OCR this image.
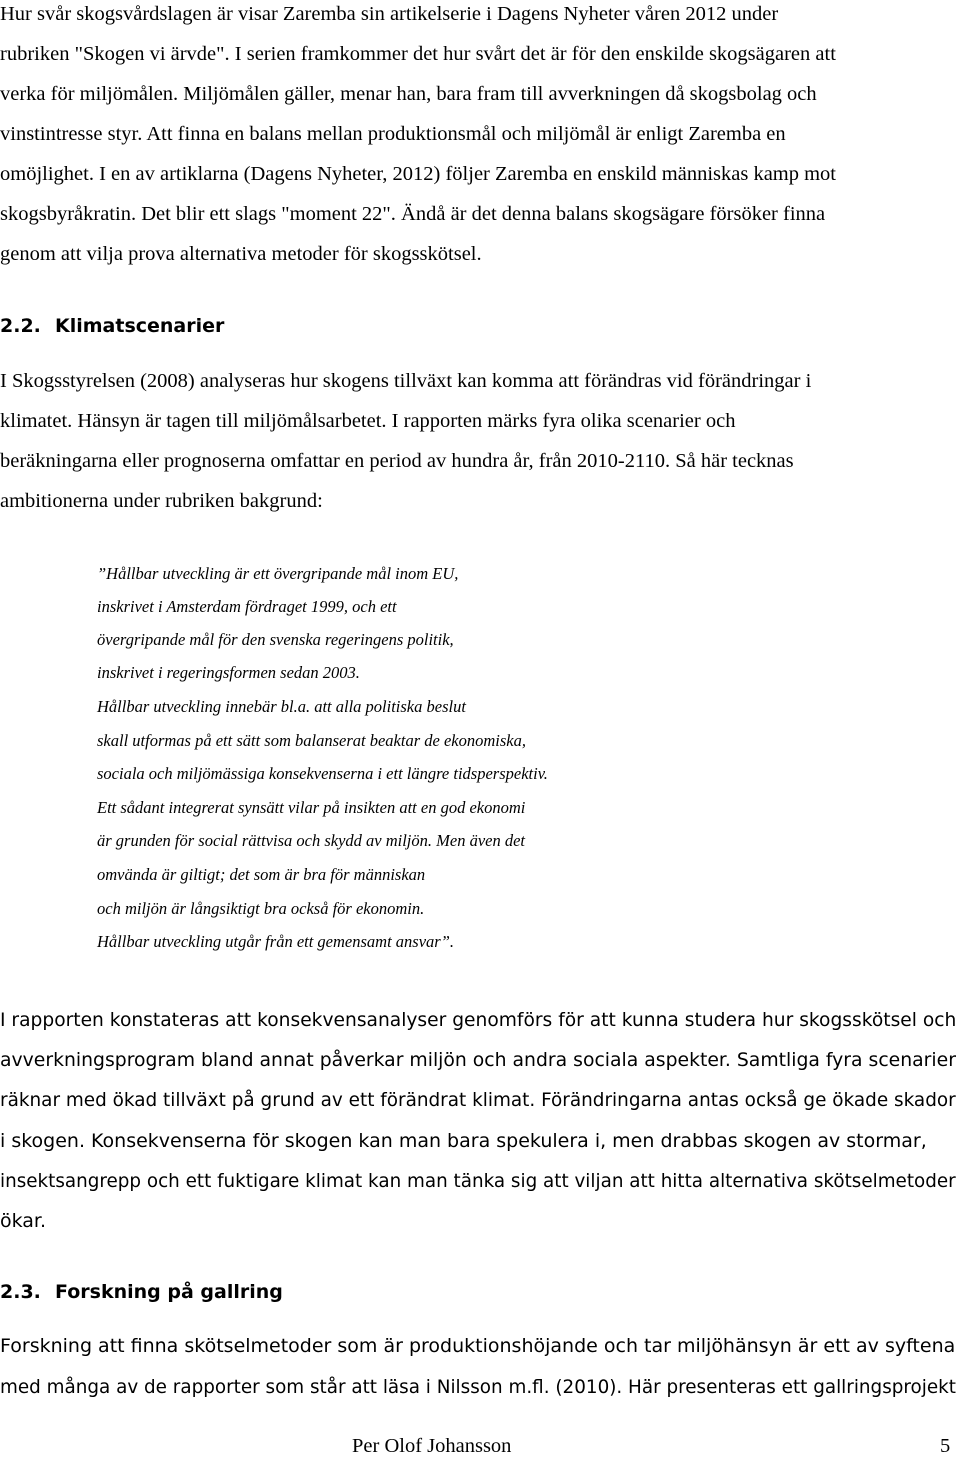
Hur svår skogsvårdslagen är visar Zaremba sin artikelserie i Dagens Nyheter våren 2012 under
rubriken "Skogen vi ärvde". I serien framkommer det hur svårt det är för den enskilde skogsägaren att
verka för miljömålen. Miljömålen gäller, menar han, bara fram till avverkningen då skogsbolag och
vinstintresse styr. Att finna en balans mellan produktionsmål och miljömål är enligt Zaremba en
omöjlighet. I en av artiklarna (Dagens Nyheter, 2012) följer Zaremba en enskild människas kamp mot
skogsbyråkratin. Det blir ett slags "moment 22". Ändå är det denna balans skogsägare försöker finna
genom att vilja prova alternativa metoder för skogsskötsel.
2.2. Klimatscenarier
I Skogsstyrelsen (2008) analyseras hur skogens tillväxt kan komma att förändras vid förändringar i
klimatet. Hänsyn är tagen till miljömålsarbetet. I rapporten märks fyra olika scenarier och
beräkningarna eller prognoserna omfattar en period av hundra år, från 2010-2110. Så här tecknas
ambitionerna under rubriken bakgrund:
”Hållbar utveckling är ett övergripande mål inom EU,
inskrivet i Amsterdam fördraget 1999, och ett
övergripande mål för den svenska regeringens politik,
inskrivet i regeringsformen sedan 2003.
Hållbar utveckling innebär bl.a. att alla politiska beslut
skall utformas på ett sätt som balanserat beaktar de ekonomiska,
sociala och miljömässiga konsekvenserna i ett längre tidsperspektiv.
Ett sådant integrerat synsätt vilar på insikten att en god ekonomi
är grunden för social rättvisa och skydd av miljön. Men även det
omvända är giltigt; det som är bra för människan
och miljön är långsiktigt bra också för ekonomin.
Hållbar utveckling utgår från ett gemensamt ansvar”.
I rapporten konstateras att konsekvensanalyser genomförs för att kunna studera hur skogsskötsel och
avverkningsprogram bland annat påverkar miljön och andra sociala aspekter. Samtliga fyra scenarier
räknar med ökad tillväxt på grund av ett förändrat klimat. Förändringarna antas också ge ökade skador
i skogen. Konsekvenserna för skogen kan man bara spekulera i, men drabbas skogen av stormar,
insektsangrepp och ett fuktigare klimat kan man tänka sig att viljan att hitta alternativa skötselmetoder
ökar.
2.3. Forskning på gallring
Forskning att finna skötselmetoder som är produktionshöjande och tar miljöhänsyn är ett av syftena
med många av de rapporter som står att läsa i Nilsson m.fl. (2010). Här presenteras ett gallringsprojekt
Per Olof Johansson	5
